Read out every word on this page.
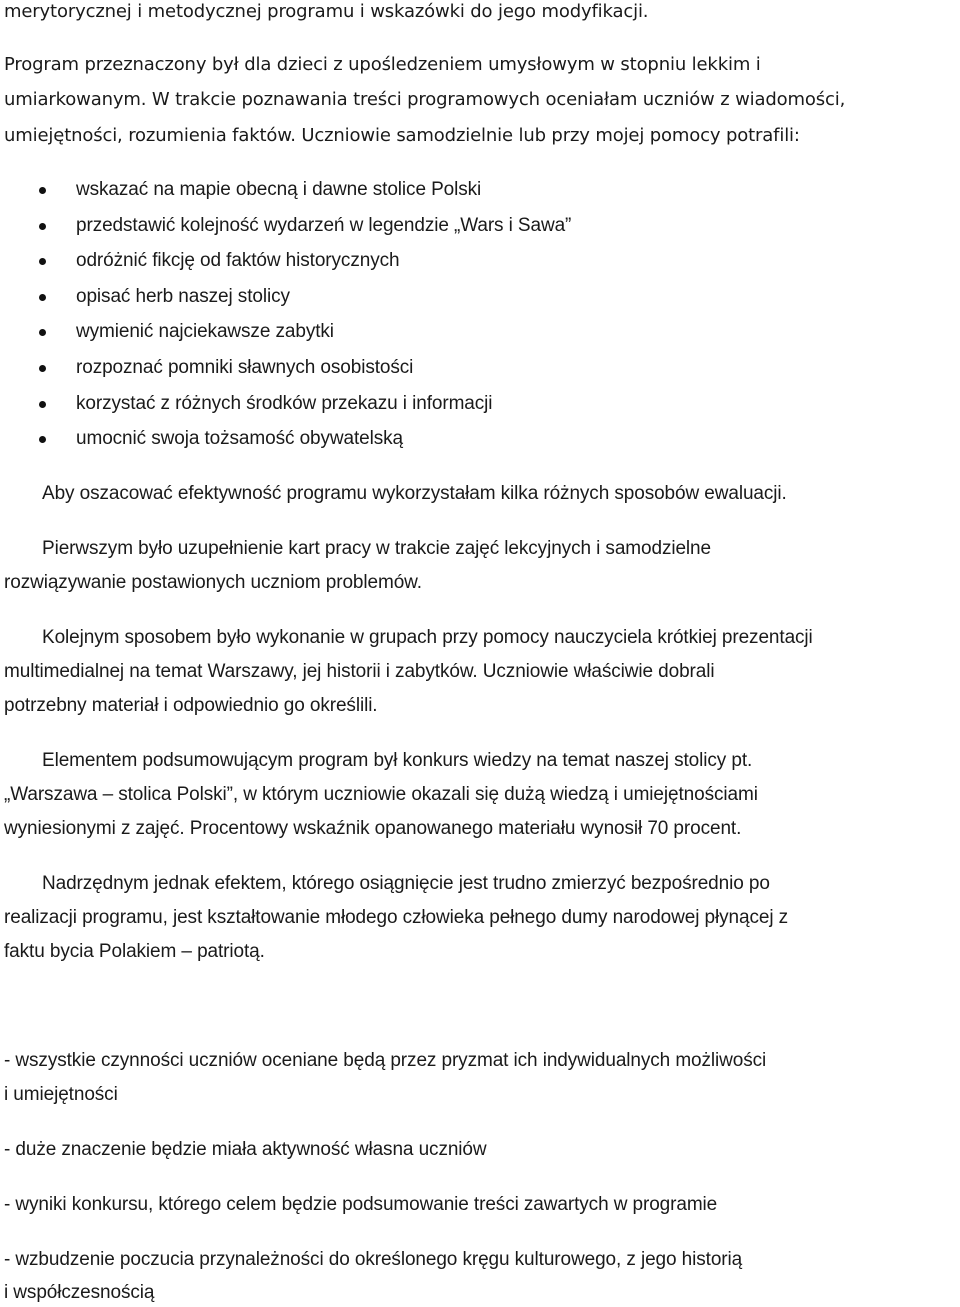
merytorycznej i metodycznej programu i wskazówki do jego modyfikacji.
Program przeznaczony był dla dzieci z upośledzeniem umysłowym w stopniu lekkim i
umiarkowanym. W trakcie poznawania treści programowych oceniałam uczniów z wiadomości,
umiejętności, rozumienia faktów. Uczniowie samodzielnie lub przy mojej pomocy potrafili:
wskazać na mapie obecną i dawne stolice Polski
przedstawić kolejność wydarzeń w legendzie „Wars i Sawa”
odróżnić fikcję od faktów historycznych
opisać herb naszej stolicy
wymienić najciekawsze zabytki
rozpoznać pomniki sławnych osobistości
korzystać z różnych środków przekazu i informacji
umocnić swoja tożsamość obywatelską
Aby oszacować efektywność programu wykorzystałam kilka różnych sposobów ewaluacji.
Pierwszym było uzupełnienie kart pracy w trakcie zajęć lekcyjnych i samodzielne
rozwiązywanie postawionych uczniom problemów.
Kolejnym sposobem było wykonanie w grupach przy pomocy nauczyciela krótkiej prezentacji
multimedialnej na temat Warszawy, jej historii i zabytków. Uczniowie właściwie dobrali
potrzebny materiał i odpowiednio go określili.
Elementem podsumowującym program był konkurs wiedzy na temat naszej stolicy pt.
„Warszawa – stolica Polski”, w którym uczniowie okazali się dużą wiedzą i umiejętnościami
wyniesionymi z zajęć. Procentowy wskaźnik opanowanego materiału wynosił 70 procent.
Nadrzędnym jednak efektem, którego osiągnięcie jest trudno zmierzyć bezpośrednio po
realizacji programu, jest kształtowanie młodego człowieka pełnego dumy narodowej płynącej z
faktu bycia Polakiem – patriotą.
- wszystkie czynności uczniów oceniane będą przez pryzmat ich indywidualnych możliwości
i umiejętności
- duże znaczenie będzie miała aktywność własna uczniów
- wyniki konkursu, którego celem będzie podsumowanie treści zawartych w programie
- wzbudzenie poczucia przynależności do określonego kręgu kulturowego, z jego historią
i współczesnością
